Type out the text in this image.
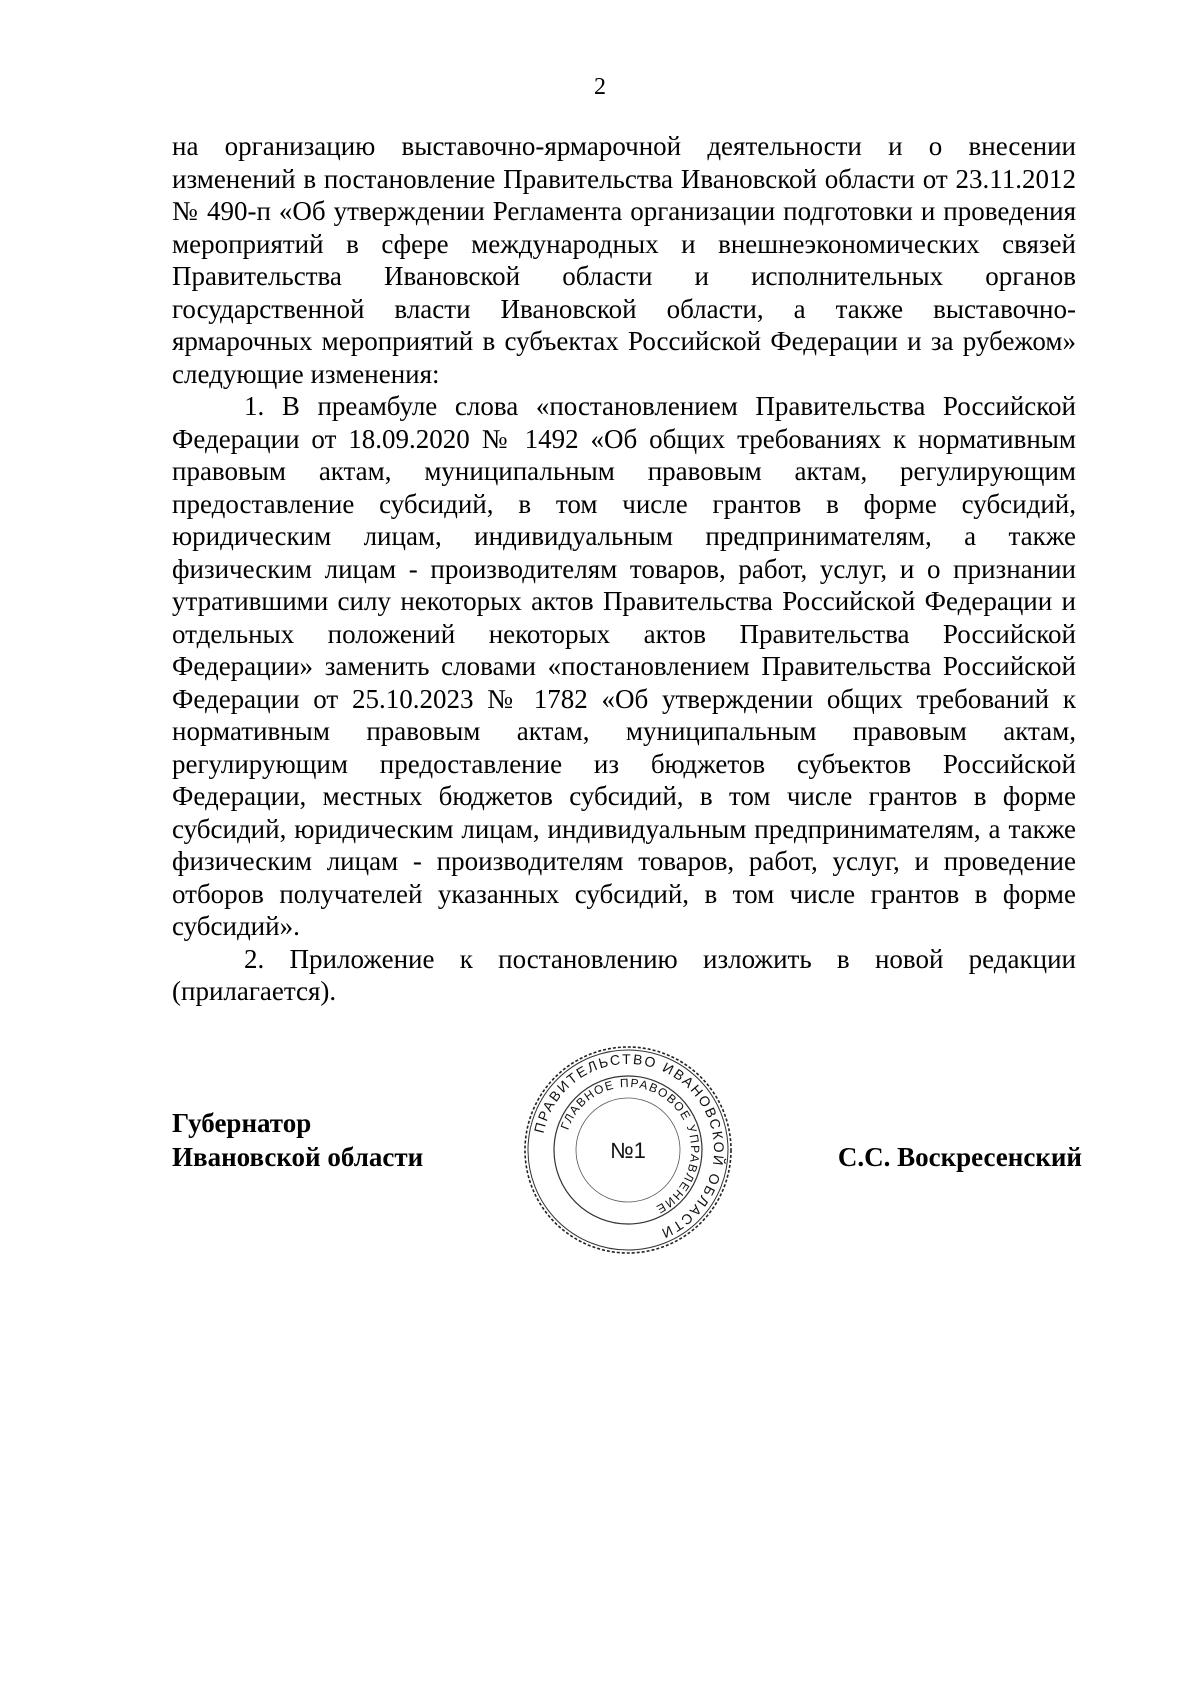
2

на организацию выставочно-ярмарочной деятельности и о внесении изменений в постановление Правительства Ивановской области от 23.11.2012 № 490-п «Об утверждении Регламента организации подготовки и проведения мероприятий в сфере международных и внешнеэкономических связей Правительства Ивановской области и исполнительных органов государственной власти Ивановской области, а также выставочно-ярмарочных мероприятий в субъектах Российской Федерации и за рубежом» следующие изменения:

1. В преамбуле слова «постановлением Правительства Российской Федерации от 18.09.2020 № 1492 «Об общих требованиях к нормативным правовым актам, муниципальным правовым актам, регулирующим предоставление субсидий, в том числе грантов в форме субсидий, юридическим лицам, индивидуальным предпринимателям, а также физическим лицам - производителям товаров, работ, услуг, и о признании утратившими силу некоторых актов Правительства Российской Федерации и отдельных положений некоторых актов Правительства Российской Федерации» заменить словами «постановлением Правительства Российской Федерации от 25.10.2023 № 1782 «Об утверждении общих требований к нормативным правовым актам, муниципальным правовым актам, регулирующим предоставление из бюджетов субъектов Российской Федерации, местных бюджетов субсидий, в том числе грантов в форме субсидий, юридическим лицам, индивидуальным предпринимателям, а также физическим лицам - производителям товаров, работ, услуг, и проведение отборов получателей указанных субсидий, в том числе грантов в форме субсидий».

2. Приложение к постановлению изложить в новой редакции (прилагается).

Губернатор
Ивановской области
ПРАВИТЕЛЬСТВО ИВАНОВСКОЙ ОБЛАСТИ
ГЛАВНОЕ ПРАВОВОЕ УПРАВЛЕНИЕ
№1	С.С. Воскресенский
